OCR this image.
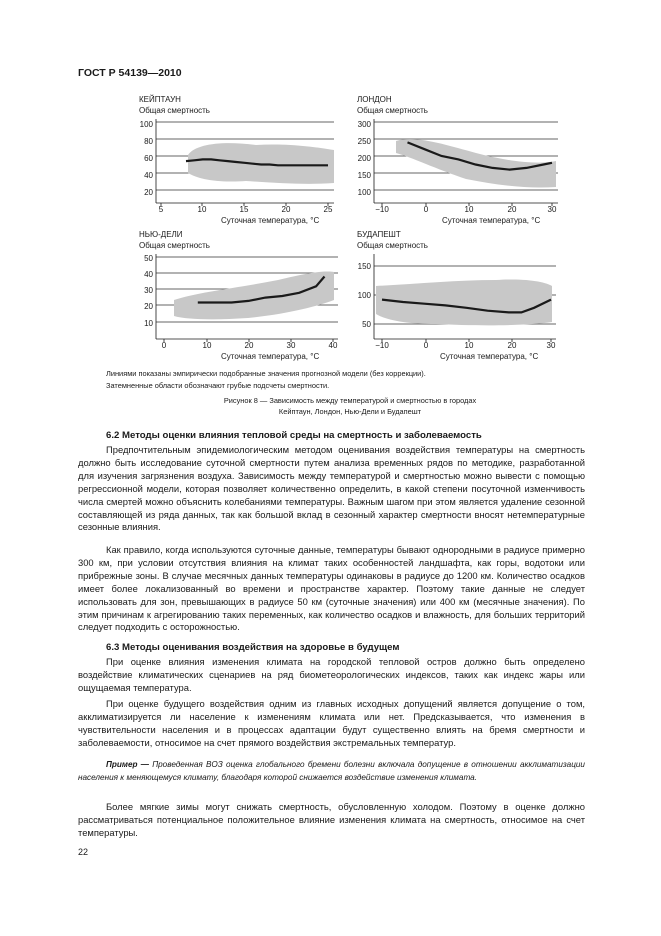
ГОСТ Р 54139—2010
КЕЙПТАУН
Общая смертность
100
80
60
40
20
5	10	15	20	25
Суточная температура, °С
ЛОНДОН
Общая смертность
300
250
200
150
100
−10	0	10	20	30
Суточная температура, °С
НЬЮ-ДЕЛИ
Общая смертность
50
40
30
20
10
0	10	20	30	40
Суточная температура, °С
БУДАПЕШТ
Общая смертность
150
100
50
−10	0	10	20	30
Суточная температура, °С
Линиями показаны эмпирически подобранные значения прогнозной модели (без коррекции).
Затемненные области обозначают грубые подсчеты смертности.
Рисунок 8 — Зависимость между температурой и смертностью в городах
Кейптаун, Лондон, Нью-Дели и Будапешт
6.2 Методы оценки влияния тепловой среды на смертность и заболеваемость
Предпочтительным эпидемиологическим методом оценивания воздействия температуры на смертность должно быть исследование суточной смертности путем анализа временных рядов по методике, разработанной для изучения загрязнения воздуха. Зависимость между температурой и смертностью можно вывести с помощью регрессионной модели, которая позволяет количественно определить, в какой степени посуточной изменчивость числа смертей можно объяснить колебаниями температуры. Важным шагом при этом является удаление сезонной составляющей из ряда данных, так как большой вклад в сезонный характер смертности вносят нетемпературные сезонные влияния.
Как правило, когда используются суточные данные, температуры бывают однородными в радиусе примерно 300 км, при условии отсутствия влияния на климат таких особенностей ландшафта, как горы, водотоки или прибрежные зоны. В случае месячных данных температуры одинаковы в радиусе до 1200 км. Количество осадков имеет более локализованный во времени и пространстве характер. Поэтому такие данные не следует использовать для зон, превышающих в радиусе 50 км (суточные значения) или 400 км (месячные значения). По этим причинам к агрегированию таких переменных, как количество осадков и влажность, для больших территорий следует подходить с осторожностью.
6.3 Методы оценивания воздействия на здоровье в будущем
При оценке влияния изменения климата на городской тепловой остров должно быть определено воздействие климатических сценариев на ряд биометеорологических индексов, таких как индекс жары или ощущаемая температура.
При оценке будущего воздействия одним из главных исходных допущений является допущение о том, акклиматизируется ли население к изменениям климата или нет. Предсказывается, что изменения в чувствительности населения и в процессах адаптации будут существенно влиять на бремя смертности и заболеваемости, относимое на счет прямого воздействия экстремальных температур.
Пример — Проведенная ВОЗ оценка глобального бремени болезни включала допущение в отношении акклиматизации населения к меняющемуся климату, благодаря которой снижается воздействие изменения климата.
Более мягкие зимы могут снижать смертность, обусловленную холодом. Поэтому в оценке должно рассматриваться потенциальное положительное влияние изменения климата на смертность, относимое на счет температуры.
22
